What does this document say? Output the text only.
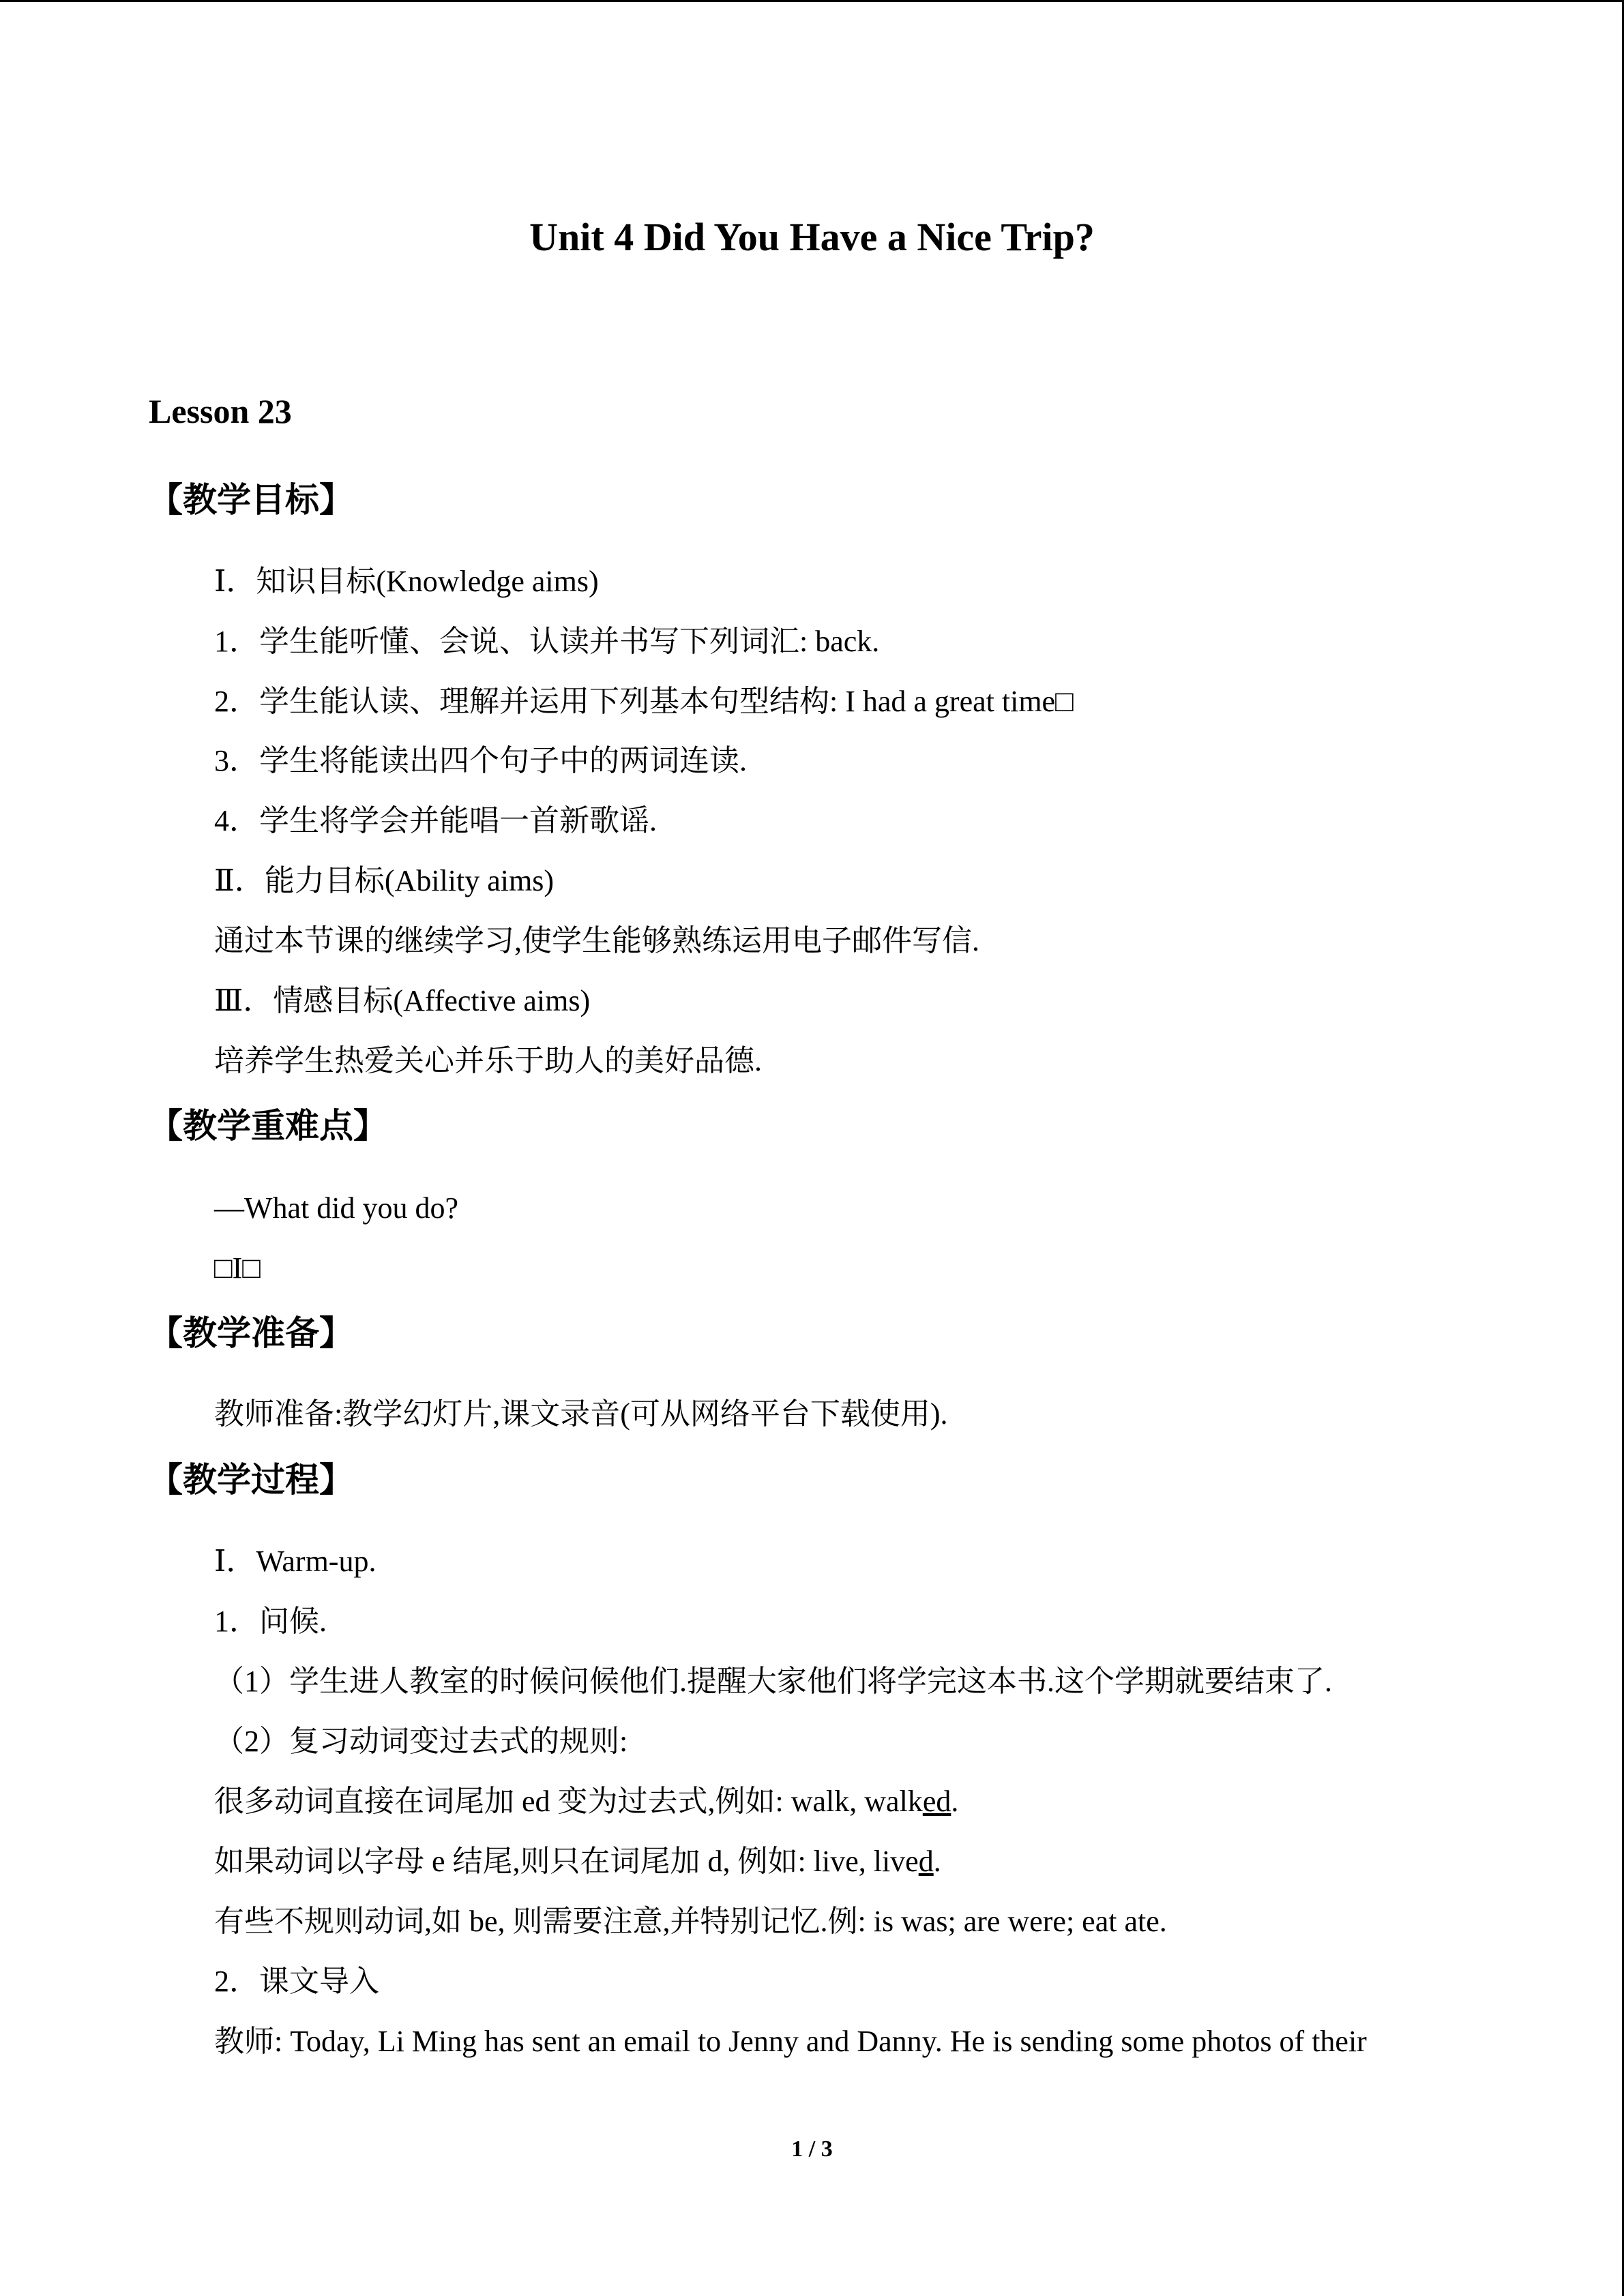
Unit 4 Did You Have a Nice Trip?
Lesson 23
【教学目标】

Ⅰ．知识目标(Knowledge aims)

1．学生能听懂、会说、认读并书写下列词汇: back.

2．学生能认读、理解并运用下列基本句型结构: I had a great time□

3．学生将能读出四个句子中的两词连读.

4．学生将学会并能唱一首新歌谣.

Ⅱ．能力目标(Ability aims)

通过本节课的继续学习,使学生能够熟练运用电子邮件写信.

Ⅲ．情感目标(Affective aims)

培养学生热爱关心并乐于助人的美好品德.

【教学重难点】

—What did you do?

□I□

【教学准备】

教师准备:教学幻灯片,课文录音(可从网络平台下载使用).

【教学过程】

Ⅰ．Warm-up.

1．问候.

（1）学生进人教室的时候问候他们.提醒大家他们将学完这本书.这个学期就要结束了.

（2）复习动词变过去式的规则:

很多动词直接在词尾加 ed 变为过去式,例如: walk, walked.

如果动词以字母 e 结尾,则只在词尾加 d, 例如: live, lived.

有些不规则动词,如 be, 则需要注意,并特别记忆.例: is was; are were; eat ate.

2．课文导入

教师: Today, Li Ming has sent an email to Jenny and Danny. He is sending some photos of their

1 / 3
